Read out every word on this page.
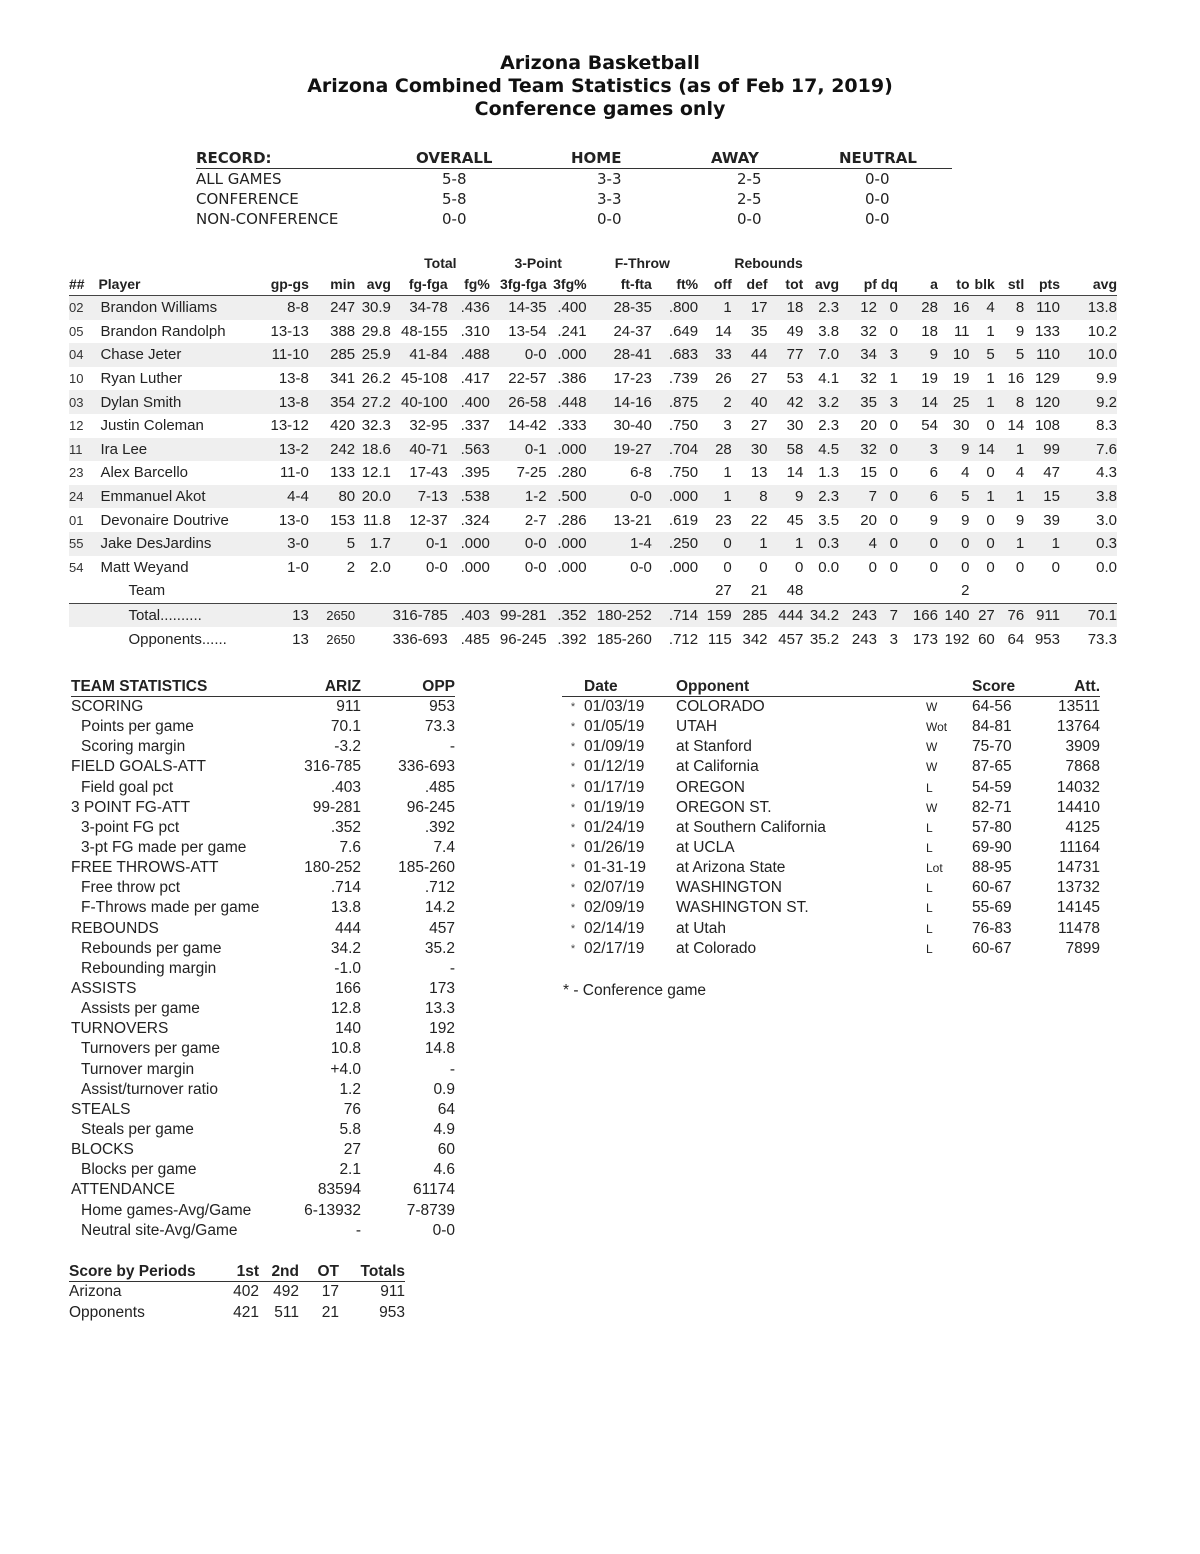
Arizona Basketball
Arizona Combined Team Statistics (as of Feb 17, 2019)
Conference games only
RECORD:	OVERALL	HOME	AWAY	NEUTRAL
ALL GAMES	5-8	3-3	2-5	0-0
CONFERENCE	5-8	3-3	2-5	0-0
NON-CONFERENCE	0-0	0-0	0-0	0-0
					Total		3-Point		F-Throw		Rebounds											
##	Player	gp-gs	min	avg	fg-fga	fg%	3fg-fga	3fg%	ft-fta	ft%	off	def	tot	avg	pf	dq	a	to	blk	stl	pts	avg
02	Brandon Williams	8-8	247	30.9	34-78	.436	14-35	.400	28-35	.800	1	17	18	2.3	12	0	28	16	4	8	110	13.8
05	Brandon Randolph	13-13	388	29.8	48-155	.310	13-54	.241	24-37	.649	14	35	49	3.8	32	0	18	11	1	9	133	10.2
04	Chase Jeter	11-10	285	25.9	41-84	.488	0-0	.000	28-41	.683	33	44	77	7.0	34	3	9	10	5	5	110	10.0
10	Ryan Luther	13-8	341	26.2	45-108	.417	22-57	.386	17-23	.739	26	27	53	4.1	32	1	19	19	1	16	129	9.9
03	Dylan Smith	13-8	354	27.2	40-100	.400	26-58	.448	14-16	.875	2	40	42	3.2	35	3	14	25	1	8	120	9.2
12	Justin Coleman	13-12	420	32.3	32-95	.337	14-42	.333	30-40	.750	3	27	30	2.3	20	0	54	30	0	14	108	8.3
11	Ira Lee	13-2	242	18.6	40-71	.563	0-1	.000	19-27	.704	28	30	58	4.5	32	0	3	9	14	1	99	7.6
23	Alex Barcello	11-0	133	12.1	17-43	.395	7-25	.280	6-8	.750	1	13	14	1.3	15	0	6	4	0	4	47	4.3
24	Emmanuel Akot	4-4	80	20.0	7-13	.538	1-2	.500	0-0	.000	1	8	9	2.3	7	0	6	5	1	1	15	3.8
01	Devonaire Doutrive	13-0	153	11.8	12-37	.324	2-7	.286	13-21	.619	23	22	45	3.5	20	0	9	9	0	9	39	3.0
55	Jake DesJardins	3-0	5	1.7	0-1	.000	0-0	.000	1-4	.250	0	1	1	0.3	4	0	0	0	0	1	1	0.3
54	Matt Weyand	1-0	2	2.0	0-0	.000	0-0	.000	0-0	.000	0	0	0	0.0	0	0	0	0	0	0	0	0.0
	Team										27	21	48					2				
	Total..........	13	2650		316-785	.403	99-281	.352	180-252	.714	159	285	444	34.2	243	7	166	140	27	76	911	70.1
	Opponents......	13	2650		336-693	.485	96-245	.392	185-260	.712	115	342	457	35.2	243	3	173	192	60	64	953	73.3
TEAM STATISTICS	ARIZ	OPP
SCORING	911	953
Points per game	70.1	73.3
Scoring margin	-3.2	-
FIELD GOALS-ATT	316-785	336-693
Field goal pct	.403	.485
3 POINT FG-ATT	99-281	96-245
3-point FG pct	.352	.392
3-pt FG made per game	7.6	7.4
FREE THROWS-ATT	180-252	185-260
Free throw pct	.714	.712
F-Throws made per game	13.8	14.2
REBOUNDS	444	457
Rebounds per game	34.2	35.2
Rebounding margin	-1.0	-
ASSISTS	166	173
Assists per game	12.8	13.3
TURNOVERS	140	192
Turnovers per game	10.8	14.8
Turnover margin	+4.0	-
Assist/turnover ratio	1.2	0.9
STEALS	76	64
Steals per game	5.8	4.9
BLOCKS	27	60
Blocks per game	2.1	4.6
ATTENDANCE	83594	61174
Home games-Avg/Game	6-13932	7-8739
Neutral site-Avg/Game	-	0-0
	Date	Opponent		Score	Att.
*	01/03/19	COLORADO	W	64-56	13511
*	01/05/19	UTAH	Wot	84-81	13764
*	01/09/19	at Stanford	W	75-70	3909
*	01/12/19	at California	W	87-65	7868
*	01/17/19	OREGON	L	54-59	14032
*	01/19/19	OREGON ST.	W	82-71	14410
*	01/24/19	at Southern California	L	57-80	4125
*	01/26/19	at UCLA	L	69-90	11164
*	01-31-19	at Arizona State	Lot	88-95	14731
*	02/07/19	WASHINGTON	L	60-67	13732
*	02/09/19	WASHINGTON ST.	L	55-69	14145
*	02/14/19	at Utah	L	76-83	11478
*	02/17/19	at Colorado	L	60-67	7899
* - Conference game
Score by Periods	1st	2nd	OT	Totals
Arizona	402	492	17	911
Opponents	421	511	21	953
